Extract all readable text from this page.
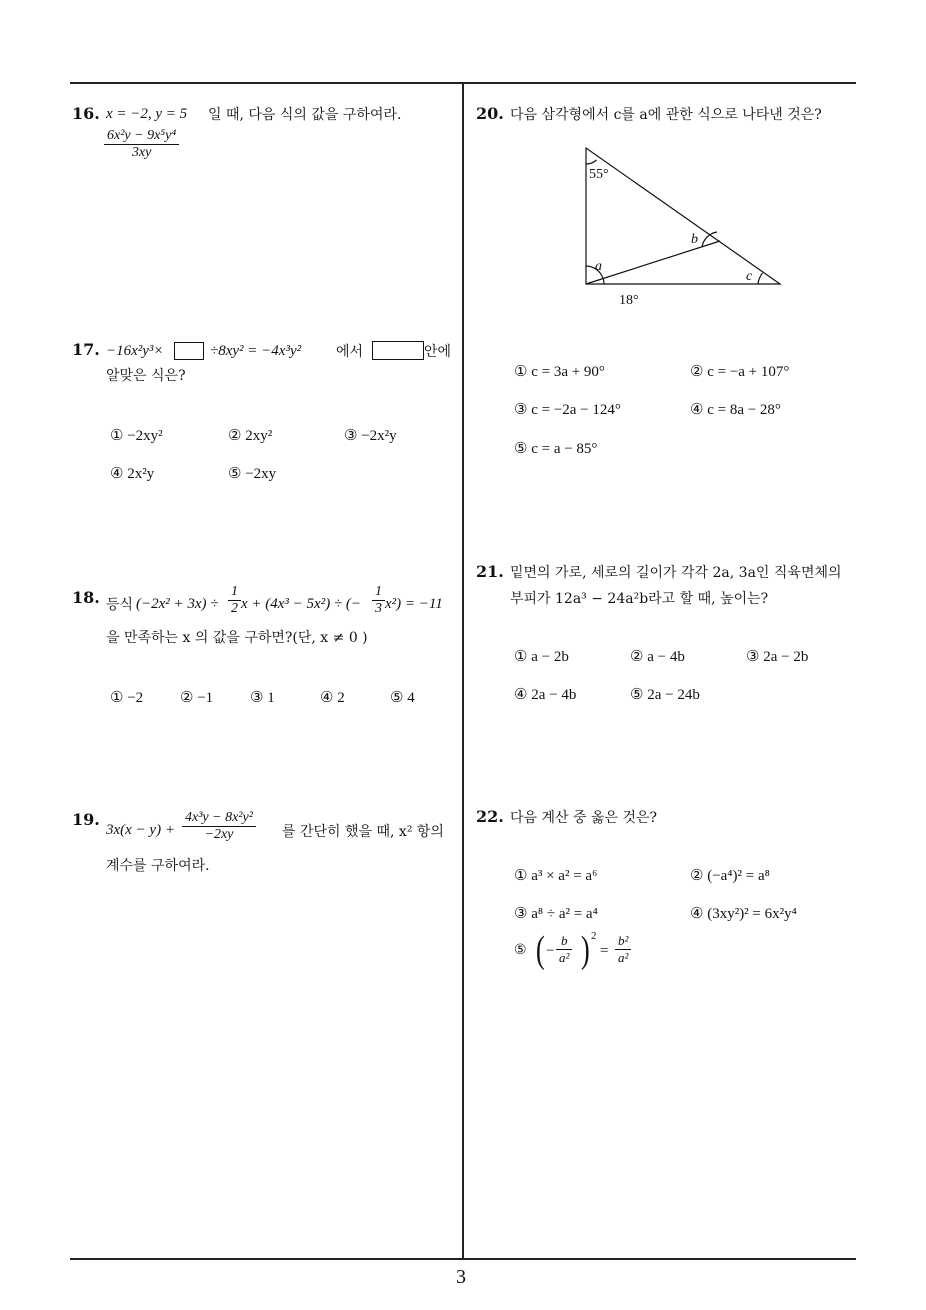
3
16. x = −2, y = 5 일 때, 다음 식의 값을 구하여라.
$\frac{\text{6x²y − 9x⁵y⁴}}{3xy}$
17. −16x²y³×	÷8xy² = −4x³y² 에서	안에
알맞은 식은?
① −2xy²	② 2xy²	③ −2x²y
④ 2x²y	⑤ −2xy
18. 등식 $(-2x^2 + 3x) \div \frac{1}{2}$ x + (4x³ − 5x²) ÷ (− $\frac{1}{3} x^2) = -11$
을 만족하는 x 의 값을 구하면?(단, x ≠ 0 )
① −2 ② −1 ③ 1	④ 2	⑤ 4
19.
$3x(x - y) + \frac{\text{4x³y − 8x²y²}}{-2xy}$ 를 간단히 했을 때, x² 항의
계수를 구하여라.
20. 다음 삼각형에서 c를 a에 관한 식으로 나타낸 것은?
55°
b
a
c
18°
① c = 3a + 90°	② c = −a + 107°
③ c = −2a − 124°	④ c = 8a − 28°
⑤ c = a − 85°
21. 밑면의 가로, 세로의 길이가 각각 2a, 3a인 직육면체의
부피가 12a³ − 24a²b라고 할 때, 높이는?
① a − 2b	② a − 4b	③ 2a − 2b
④ 2a − 4b	⑤ 2a − 24b
22. 다음 계산 중 옳은 것은?
① a³ × a² = a⁶	② (−a⁴)² = a⁸
③ a⁸ ÷ a² = a⁴	④ (3xy²)² = 6x²y⁴
⑤ ( − $\frac{b}{\text{a²}}$ ) 2
= $\frac{\text{b²}}{\text{a²}}$
